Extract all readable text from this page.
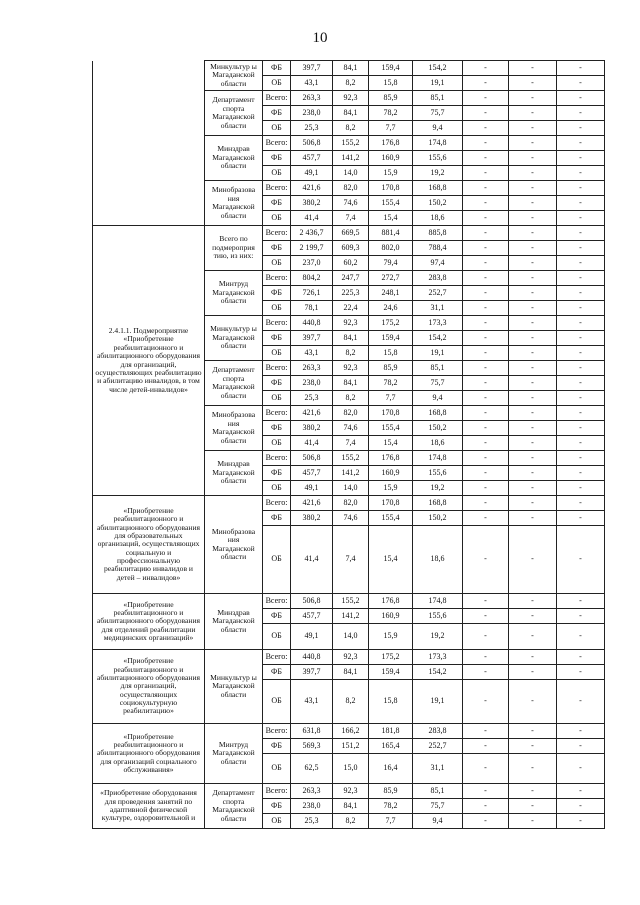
10
	Минкультур ы Магаданской области	ФБ	397,7	84,1	159,4	154,2	-	-	-
		ОБ	43,1	8,2	15,8	19,1	-	-	-
	Департамент спорта Магаданской области	Всего:	263,3	92,3	85,9	85,1	-	-	-
		ФБ	238,0	84,1	78,2	75,7	-	-	-
		ОБ	25,3	8,2	7,7	9,4	-	-	-
	Минздрав Магаданской области	Всего:	506,8	155,2	176,8	174,8	-	-	-
		ФБ	457,7	141,2	160,9	155,6	-	-	-
		ОБ	49,1	14,0	15,9	19,2	-	-	-
	Минобразова ния Магаданской области	Всего:	421,6	82,0	170,8	168,8	-	-	-
		ФБ	380,2	74,6	155,4	150,2	-	-	-
		ОБ	41,4	7,4	15,4	18,6	-	-	-
2.4.1.1. Подмероприятие «Приобретение реабилитационного и абилитационного оборудования для организаций, осуществляющих реабилитацию и абилитацию инвалидов, в том числе детей-инвалидов»	Всего по подмероприя тию, из них:	Всего:	2 436,7	669,5	881,4	885,8	-	-	-
		ФБ	2 199,7	609,3	802,0	788,4	-	-	-
		ОБ	237,0	60,2	79,4	97,4	-	-	-
	Минтруд Магаданской области	Всего:	804,2	247,7	272,7	283,8	-	-	-
		ФБ	726,1	225,3	248,1	252,7	-	-	-
		ОБ	78,1	22,4	24,6	31,1	-	-	-
	Минкультур ы Магаданской области	Всего:	440,8	92,3	175,2	173,3	-	-	-
		ФБ	397,7	84,1	159,4	154,2	-	-	-
		ОБ	43,1	8,2	15,8	19,1	-	-	-
	Департамент спорта Магаданской области	Всего:	263,3	92,3	85,9	85,1	-	-	-
		ФБ	238,0	84,1	78,2	75,7	-	-	-
		ОБ	25,3	8,2	7,7	9,4	-	-	-
	Минобразова ния Магаданской области	Всего:	421,6	82,0	170,8	168,8	-	-	-
		ФБ	380,2	74,6	155,4	150,2	-	-	-
		ОБ	41,4	7,4	15,4	18,6	-	-	-
	Минздрав Магаданской области	Всего:	506,8	155,2	176,8	174,8	-	-	-
		ФБ	457,7	141,2	160,9	155,6	-	-	-
		ОБ	49,1	14,0	15,9	19,2	-	-	-
«Приобретение реабилитационного и абилитационного оборудования для образовательных организаций, осуществляющих социальную и профессиональную реабилитацию инвалидов и детей – инвалидов»	Минобразова ния Магаданской области	Всего:	421,6	82,0	170,8	168,8	-	-	-
		ФБ	380,2	74,6	155,4	150,2	-	-	-
		ОБ	41,4	7,4	15,4	18,6	-	-	-
«Приобретение реабилитационного и абилитационного оборудования для отделений реабилитации медицинских организаций»	Минздрав Магаданской области	Всего:	506,8	155,2	176,8	174,8	-	-	-
		ФБ	457,7	141,2	160,9	155,6	-	-	-
		ОБ	49,1	14,0	15,9	19,2	-	-	-
«Приобретение реабилитационного и абилитационного оборудования для организаций, осуществляющих социокультурную реабилитацию»	Минкультур ы Магаданской области	Всего:	440,8	92,3	175,2	173,3	-	-	-
		ФБ	397,7	84,1	159,4	154,2	-	-	-
		ОБ	43,1	8,2	15,8	19,1	-	-	-
«Приобретение реабилитационного и абилитационного оборудования для организаций социального обслуживания»	Минтруд Магаданской области	Всего:	631,8	166,2	181,8	283,8	-	-	-
		ФБ	569,3	151,2	165,4	252,7	-	-	-
		ОБ	62,5	15,0	16,4	31,1	-	-	-
«Приобретение оборудования для проведения занятий по адаптивной физической культуре, оздоровительной и	Департамент спорта Магаданской области	Всего:	263,3	92,3	85,9	85,1	-	-	-
		ФБ	238,0	84,1	78,2	75,7	-	-	-
		ОБ	25,3	8,2	7,7	9,4	-	-	-
